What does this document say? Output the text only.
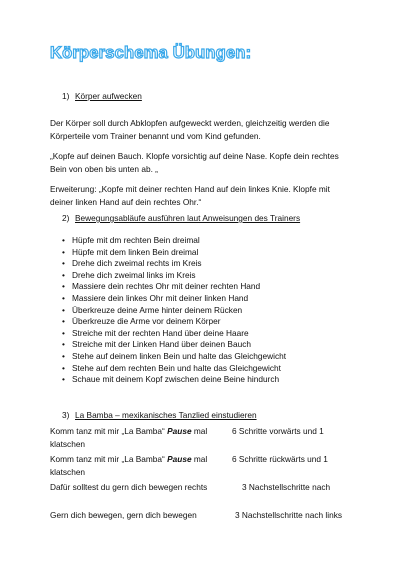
Körperschema Übungen:
1) Körper aufwecken
Der Körper soll durch Abklopfen aufgeweckt werden, gleichzeitig werden die Körperteile vom Trainer benannt und vom Kind gefunden.
„Kopfe auf deinen Bauch. Klopfe vorsichtig auf deine Nase. Kopfe dein rechtes Bein von oben bis unten ab. „
Erweiterung: „Kopfe mit deiner rechten Hand auf dein linkes Knie. Klopfe mit deiner linken Hand auf dein rechtes Ohr.“
2) Bewegungsabläufe ausführen laut Anweisungen des Trainers
• Hüpfe mit dm rechten Bein dreimal
• Hüpfe mit dem linken Bein dreimal
• Drehe dich zweimal rechts im Kreis
• Drehe dich zweimal links im Kreis
• Massiere dein rechtes Ohr mit deiner rechten Hand
• Massiere dein linkes Ohr mit deiner linken Hand
• Überkreuze deine Arme hinter deinem Rücken
• Überkreuze die Arme vor deinem Körper
• Streiche mit der rechten Hand über deine Haare
• Streiche mit der Linken Hand über deinen Bauch
• Stehe auf deinem linken Bein und halte das Gleichgewicht
• Stehe auf dem rechten Bein und halte das Gleichgewicht
• Schaue mit deinem Kopf zwischen deine Beine hindurch
3) La Bamba – mexikanisches Tanzlied einstudieren
Komm tanz mit mir „La Bamba“ Pause mal klatschen
6 Schritte vorwärts und 1
Komm tanz mit mir „La Bamba“ Pause mal klatschen
6 Schritte rückwärts und 1
Dafür solltest du gern dich bewegen rechts	3 Nachstellschritte nach
Gern dich bewegen, gern dich bewegen	3 Nachstellschritte nach links
